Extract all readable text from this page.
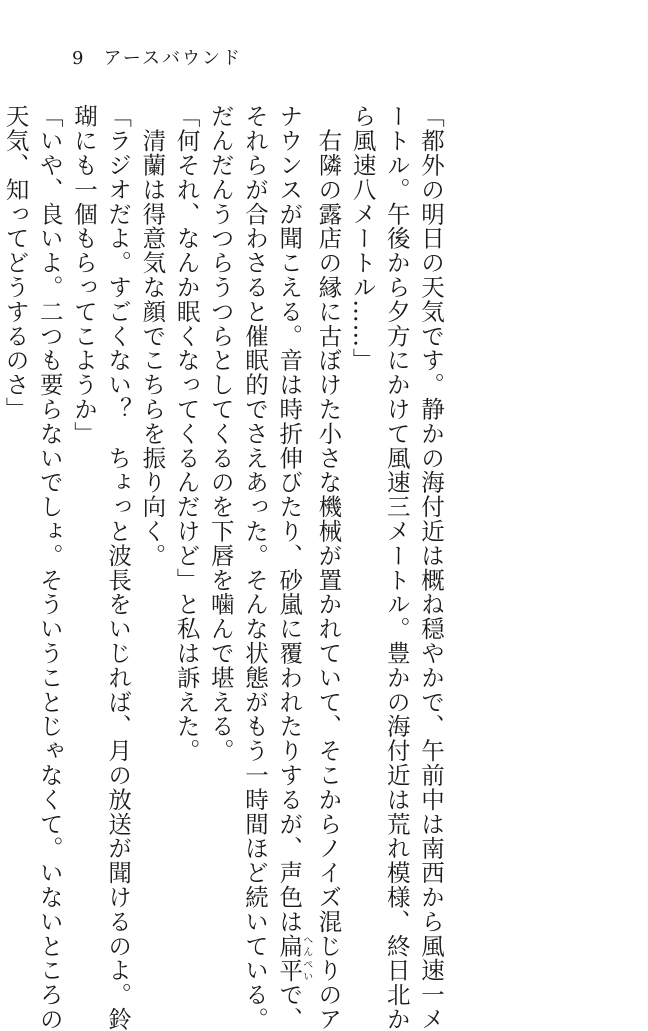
9 アースバウンド

「都外の明日の天気です。静かの海付近は概ね穏やかで、午前中は南西から風速一メ

ートル。午後から夕方にかけて風速三メートル。豊かの海付近は荒れ模様、終日北か

ら風速八メートル……」

　右隣の露店の縁に古ぼけた小さな機械が置かれていて、そこからノイズ混じりのア

ナウンスが聞こえる。音は時折伸びたり、砂嵐に覆われたりするが、声色は扁平へんぺいで、

それらが合わさると催眠的でさえあった。そんな状態がもう一時間ほど続いている。

だんだんうつらうつらとしてくるのを下唇を噛んで堪える。

「何それ、なんか眠くなってくるんだけど」と私は訴えた。

　清蘭は得意気な顔でこちらを振り向く。

「ラジオだよ。すごくない？　ちょっと波長をいじれば、月の放送が聞けるのよ。鈴

瑚にも一個もらってこようか」

「いや、良いよ。二つも要らないでしょ。そういうことじゃなくて。いないところの

天気、知ってどうするのさ」
